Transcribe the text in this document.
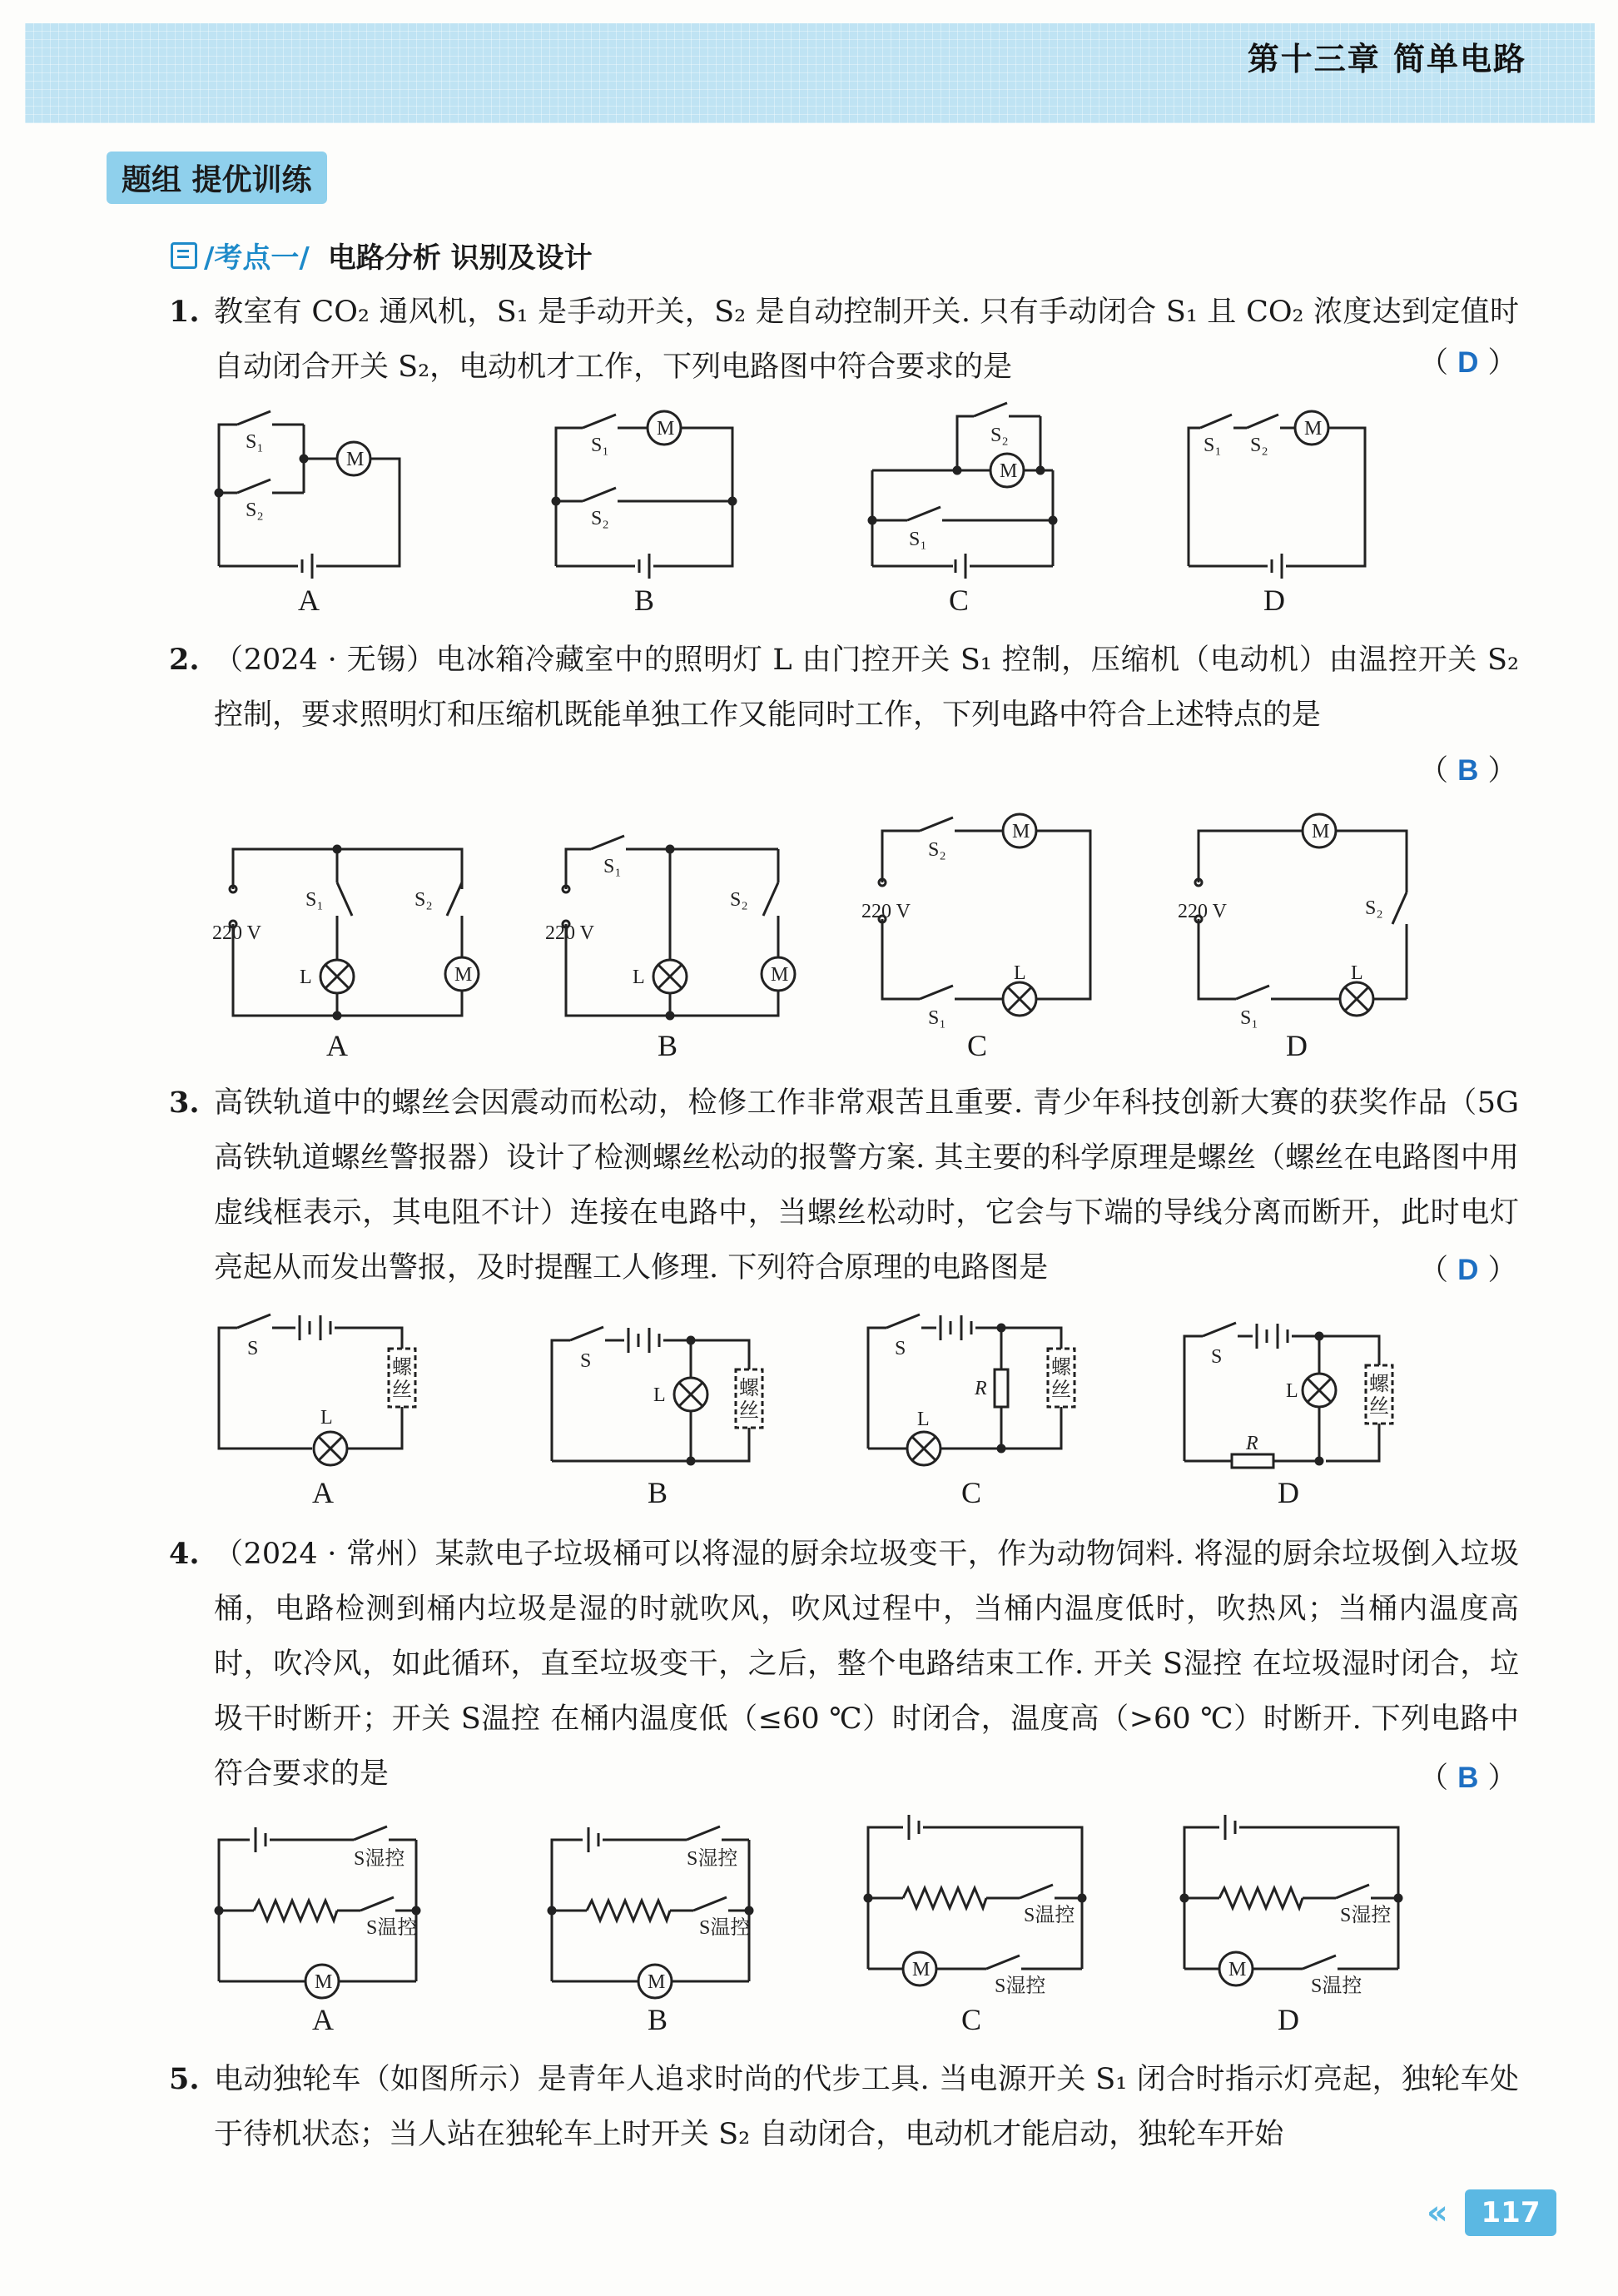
第十三章 简单电路
题组 提优训练
/考点一/ 电路分析 识别及设计
1. 教室有 CO₂ 通风机，S₁ 是手动开关，S₂ 是自动控制开关. 只有手动闭合 S₁ 且 CO₂ 浓度达到定值时自动闭合开关 S₂，电动机才工作，下列电路图中符合要求的是	（ D ）
S₁
S₂
M
A
S₁
S₂
M
B
S₂
S₁
M
C
S₁ S₂
M
D
2. （2024 · 无锡）电冰箱冷藏室中的照明灯 L 由门控开关 S₁ 控制，压缩机（电动机）由温控开关 S₂ 控制，要求照明灯和压缩机既能单独工作又能同时工作，下列电路中符合上述特点的是
（ B ）
220 V
S₁
L
S₂
M
A
220 V
S₁
L
S₂
M
B
220 V
S₂
M
S₁
L
C
220 V
M
S₂
S₁
L
D
3. 高铁轨道中的螺丝会因震动而松动，检修工作非常艰苦且重要. 青少年科技创新大赛的获奖作品（5G 高铁轨道螺丝警报器）设计了检测螺丝松动的报警方案. 其主要的科学原理是螺丝（螺丝在电路图中用虚线框表示，其电阻不计）连接在电路中，当螺丝松动时，它会与下端的导线分离而断开，此时电灯亮起从而发出警报，及时提醒工人修理. 下列符合原理的电路图是	（ D ）
S
L
螺
丝
A
S
L	螺
丝
B
S
R
L
螺
丝
C
S
L
R
螺
丝
D
4. （2024 · 常州）某款电子垃圾桶可以将湿的厨余垃圾变干，作为动物饲料. 将湿的厨余垃圾倒入垃圾桶，电路检测到桶内垃圾是湿的时就吹风，吹风过程中，当桶内温度低时，吹热风；当桶内温度高时，吹冷风，如此循环，直至垃圾变干，之后，整个电路结束工作. 开关 S湿控 在垃圾湿时闭合，垃圾干时断开；开关 S温控 在桶内温度低（≤60 ℃）时闭合，温度高（>60 ℃）时断开. 下列电路中符合要求的是	（ B ）
S湿控
S温控
M
A
S湿控
S温控
M
B
S温控
M
S湿控
C
S湿控
M
S温控
D
5. 电动独轮车（如图所示）是青年人追求时尚的代步工具. 当电源开关 S₁ 闭合时指示灯亮起，独轮车处于待机状态；当人站在独轮车上时开关 S₂ 自动闭合，电动机才能启动，独轮车开始
« 117
